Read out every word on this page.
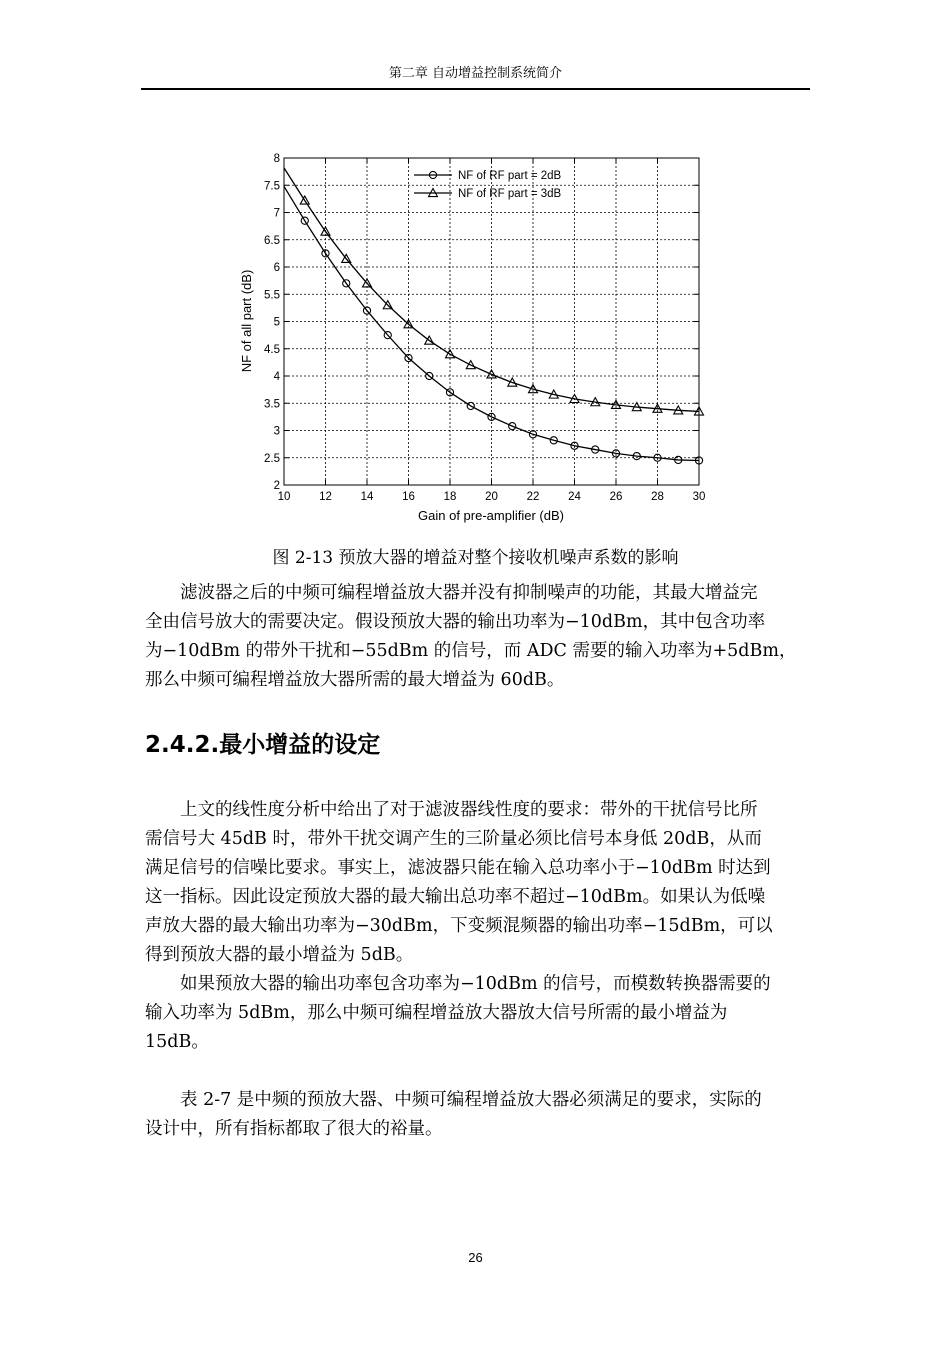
第二章 自动增益控制系统简介
10 12 14 16 18 20 22 24 26 28 30
2
2.5
3
3.5
4
4.5
5
5.5
6
6.5
7
7.5
8
NF of RF part = 2dB
NF of RF part = 3dB
Gain of pre-amplifier (dB)
NF of all part (dB)
图 2-13 预放大器的增益对整个接收机噪声系数的影响

滤波器之后的中频可编程增益放大器并没有抑制噪声的功能，其最大增益完
全由信号放大的需要决定。假设预放大器的输出功率为−10dBm，其中包含功率
为−10dBm 的带外干扰和−55dBm 的信号，而 ADC 需要的输入功率为+5dBm，
那么中频可编程增益放大器所需的最大增益为 60dB。

2.4.2.最小增益的设定

上文的线性度分析中给出了对于滤波器线性度的要求：带外的干扰信号比所
需信号大 45dB 时，带外干扰交调产生的三阶量必须比信号本身低 20dB，从而
满足信号的信噪比要求。事实上，滤波器只能在输入总功率小于−10dBm 时达到
这一指标。因此设定预放大器的最大输出总功率不超过−10dBm。如果认为低噪
声放大器的最大输出功率为−30dBm，下变频混频器的输出功率−15dBm，可以
得到预放大器的最小增益为 5dB。

如果预放大器的输出功率包含功率为−10dBm 的信号，而模数转换器需要的
输入功率为 5dBm，那么中频可编程增益放大器放大信号所需的最小增益为
15dB。

表 2-7 是中频的预放大器、中频可编程增益放大器必须满足的要求，实际的
设计中，所有指标都取了很大的裕量。

26
